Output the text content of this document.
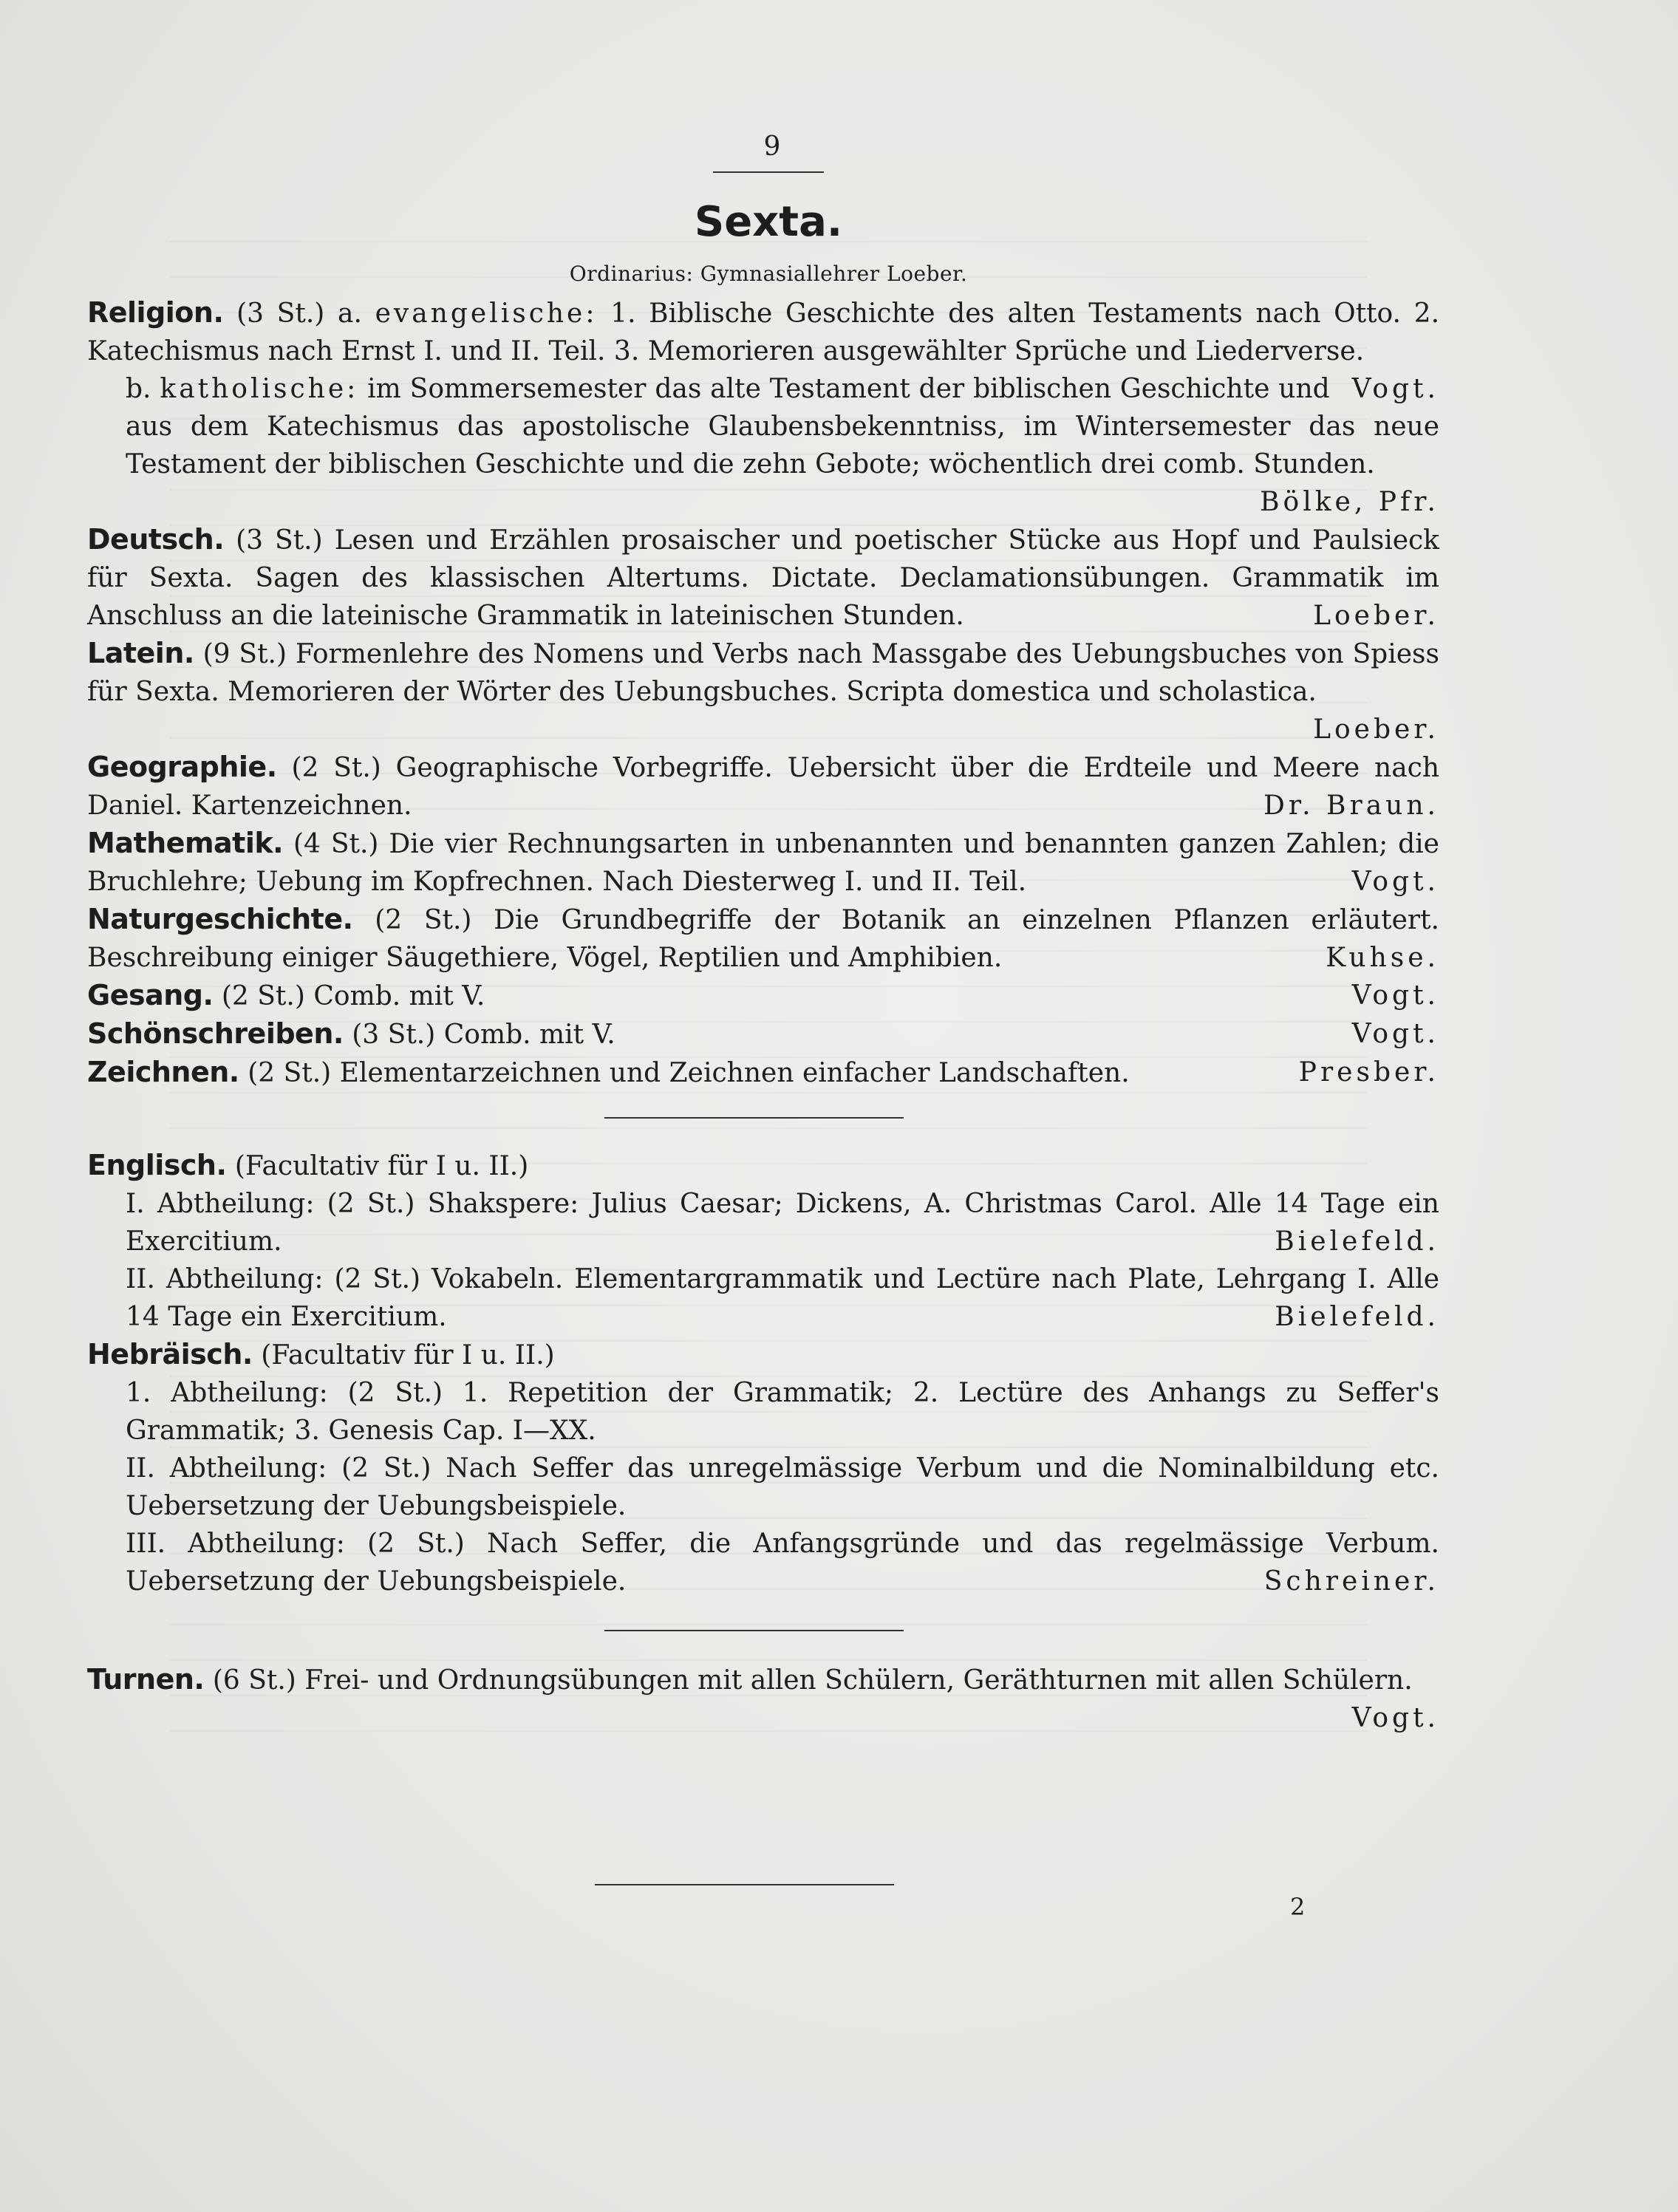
9
Sexta.
Ordinarius: Gymnasiallehrer Loeber.

Religion. (3 St.) a. evangelische: 1. Biblische Geschichte des alten Testaments nach Otto. 2. Katechismus nach Ernst I. und II. Teil. 3. Memorieren ausgewählter Sprüche und Liederverse.
Vogt.

b. katholische: im Sommersemester das alte Testament der biblischen Geschichte und aus dem Katechismus das apostolische Glaubensbekenntniss, im Wintersemester das neue Testament der biblischen Geschichte und die zehn Gebote; wöchentlich drei comb. Stunden.
Bölke, Pfr.

Deutsch. (3 St.) Lesen und Erzählen prosaischer und poetischer Stücke aus Hopf und Paulsieck für Sexta. Sagen des klassischen Altertums. Dictate. Declamationsübungen. Grammatik im Anschluss an die lateinische Grammatik in lateinischen Stunden.	Loeber.

Latein. (9 St.) Formenlehre des Nomens und Verbs nach Massgabe des Uebungsbuches von Spiess für Sexta. Memorieren der Wörter des Uebungsbuches. Scripta domestica und scholastica.
Loeber.

Geographie. (2 St.) Geographische Vorbegriffe. Uebersicht über die Erdteile und Meere nach Daniel. Kartenzeichnen.	Dr. Braun.

Mathematik. (4 St.) Die vier Rechnungsarten in unbenannten und benannten ganzen Zahlen; die Bruchlehre; Uebung im Kopfrechnen. Nach Diesterweg I. und II. Teil.	Vogt.

Naturgeschichte. (2 St.) Die Grundbegriffe der Botanik an einzelnen Pflanzen erläutert. Beschreibung einiger Säugethiere, Vögel, Reptilien und Amphibien.	Kuhse.

Gesang. (2 St.) Comb. mit V.	Vogt.

Schönschreiben. (3 St.) Comb. mit V.	Vogt.

Zeichnen. (2 St.) Elementarzeichnen und Zeichnen einfacher Landschaften.	Presber.

Englisch. (Facultativ für I u. II.)

I. Abtheilung: (2 St.) Shakspere: Julius Caesar; Dickens, A. Christmas Carol. Alle 14 Tage ein Exercitium.	Bielefeld.

II. Abtheilung: (2 St.) Vokabeln. Elementargrammatik und Lectüre nach Plate, Lehrgang I. Alle 14 Tage ein Exercitium.	Bielefeld.

Hebräisch. (Facultativ für I u. II.)

1. Abtheilung: (2 St.) 1. Repetition der Grammatik; 2. Lectüre des Anhangs zu Seffer's Grammatik; 3. Genesis Cap. I—XX.

II. Abtheilung: (2 St.) Nach Seffer das unregelmässige Verbum und die Nominalbildung etc. Uebersetzung der Uebungsbeispiele.

III. Abtheilung: (2 St.) Nach Seffer, die Anfangsgründe und das regelmässige Verbum. Uebersetzung der Uebungsbeispiele.	Schreiner.

Turnen. (6 St.) Frei- und Ordnungsübungen mit allen Schülern, Geräthturnen mit allen Schülern.
Vogt.

2
